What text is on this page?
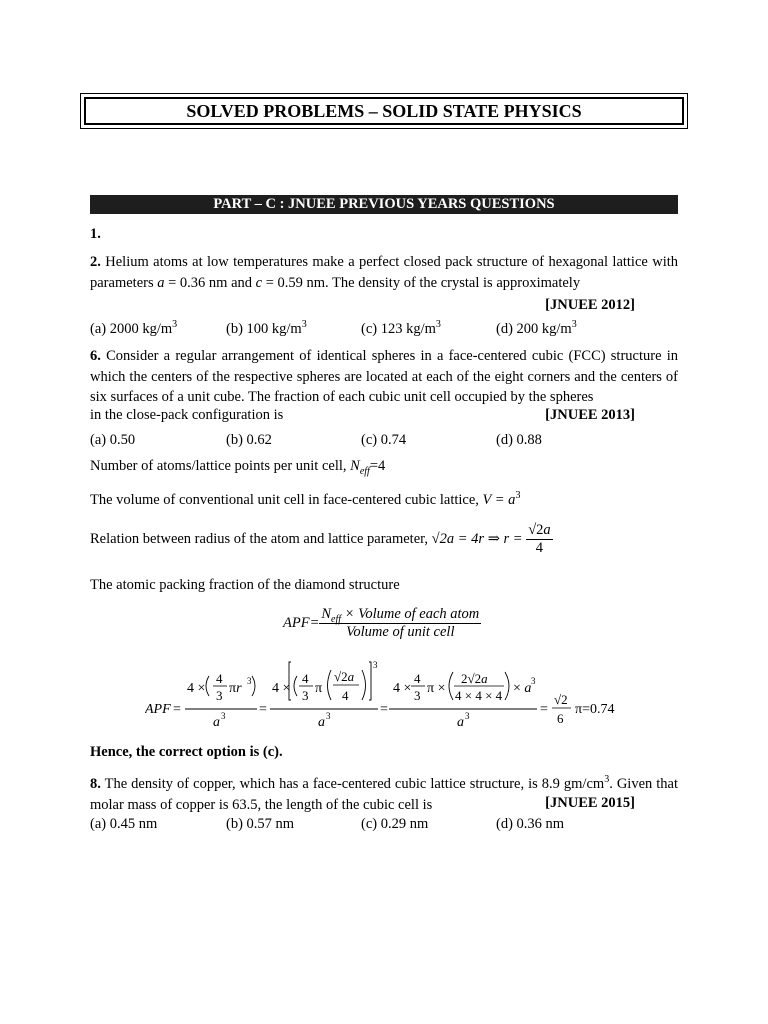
SOLVED PROBLEMS – SOLID STATE PHYSICS
PART – C : JNUEE PREVIOUS YEARS QUESTIONS
1.
2. Helium atoms at low temperatures make a perfect closed pack structure of hexagonal lattice with parameters a = 0.36 nm and c = 0.59 nm. The density of the crystal is approximately
[JNUEE 2012]
(a) 2000 $kg/m^3$	(b) 100 $kg/m^3$	(c) 123 $kg/m^3$	(d) 200 $kg/m^3$
6. Consider a regular arrangement of identical spheres in a face-centered cubic (FCC) structure in which the centers of the respective spheres are located at each of the eight corners and the centers of six surfaces of a unit cube. The fraction of each cubic unit cell occupied by the spheres
in the close-pack configuration is	[JNUEE 2013]
(a) 0.50	(b) 0.62	(c) 0.74	(d) 0.88
Number of atoms/lattice points per unit cell, $N_{eff}=4$
The volume of conventional unit cell in face-centered cubic lattice, $V = a^3$
Relation between radius of the atom and lattice parameter, √2a = 4r ⇒ $r = \frac{√2a}{4}$
The atomic packing fraction of the diamond structure
$APF= \frac{N_{eff} \times Volume of each atom}{\text{Volume of unit cell}}$
APF =
4 ×
4
3 πr 3
a 3 =
4 ×
4
3 π
√2a
4
3
a 3	=
4 ×
4
3 π ×
2√2a
4 × 4 × 4 × a 3
a 3	=
√2
6
π=0.74
Hence, the correct option is (c).
8. The density of copper, which has a face-centered cubic lattice structure, is 8.9 $gm/cm^3$. Given that molar mass of copper is 63.5, the length of the cubic cell is	[JNUEE 2015]
(a) 0.45 nm	(b) 0.57 nm	(c) 0.29 nm	(d) 0.36 nm
